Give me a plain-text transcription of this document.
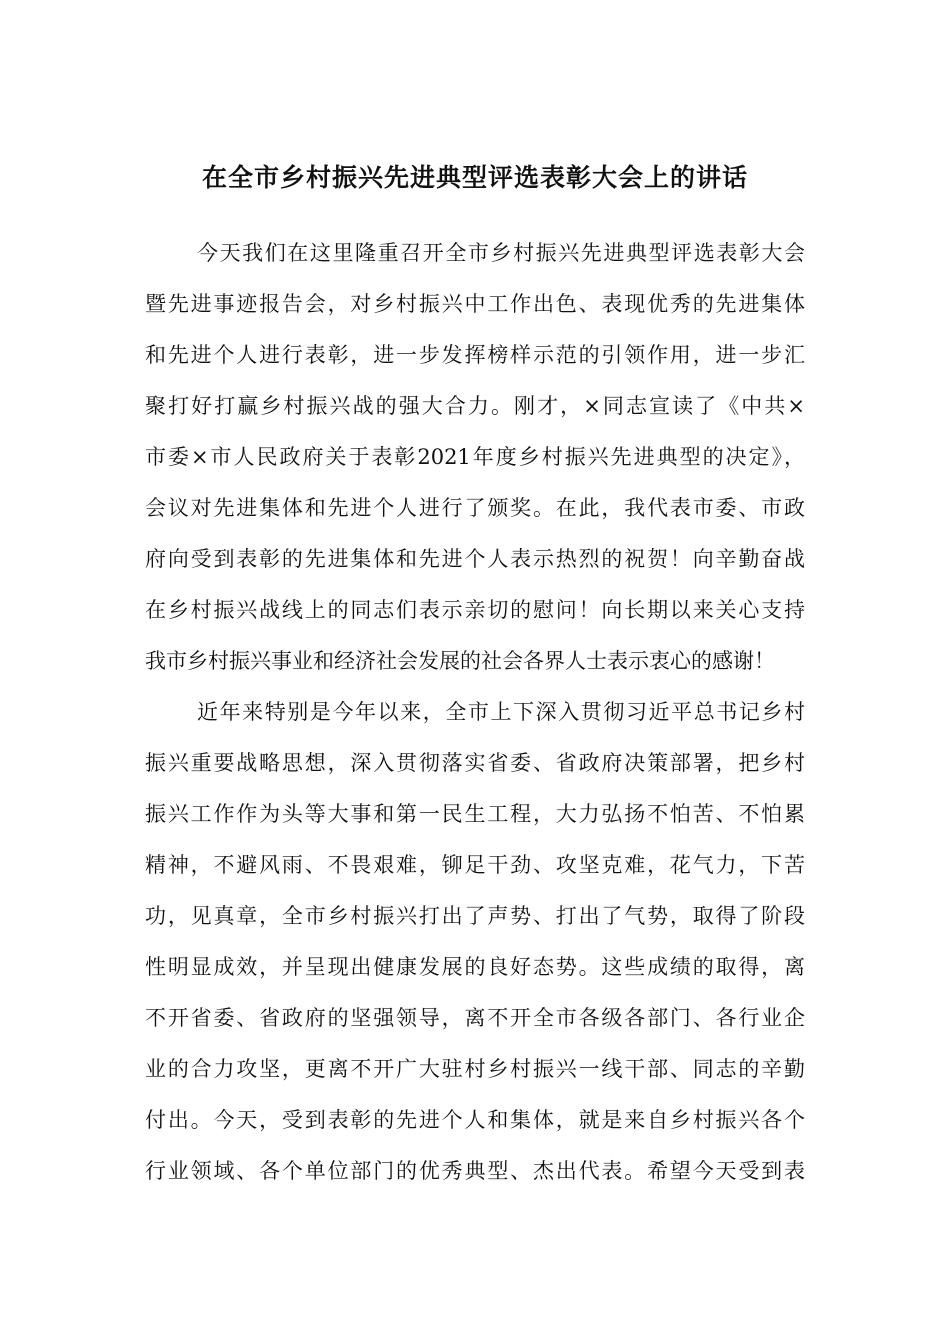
在全市乡村振兴先进典型评选表彰大会上的讲话
今天我们在这里隆重召开全市乡村振兴先进典型评选表彰大会
暨先进事迹报告会，对乡村振兴中工作出色、表现优秀的先进集体
和先进个人进行表彰，进一步发挥榜样示范的引领作用，进一步汇
聚打好打赢乡村振兴战的强大合力。刚才，×同志宣读了《中共×
市委×市人民政府关于表彰2021年度乡村振兴先进典型的决定》，
会议对先进集体和先进个人进行了颁奖。在此，我代表市委、市政
府向受到表彰的先进集体和先进个人表示热烈的祝贺！向辛勤奋战
在乡村振兴战线上的同志们表示亲切的慰问！向长期以来关心支持
我市乡村振兴事业和经济社会发展的社会各界人士表示衷心的感谢！
近年来特别是今年以来，全市上下深入贯彻习近平总书记乡村
振兴重要战略思想，深入贯彻落实省委、省政府决策部署，把乡村
振兴工作作为头等大事和第一民生工程，大力弘扬不怕苦、不怕累
精神，不避风雨、不畏艰难，铆足干劲、攻坚克难，花气力，下苦
功，见真章，全市乡村振兴打出了声势、打出了气势，取得了阶段
性明显成效，并呈现出健康发展的良好态势。这些成绩的取得，离
不开省委、省政府的坚强领导，离不开全市各级各部门、各行业企
业的合力攻坚，更离不开广大驻村乡村振兴一线干部、同志的辛勤
付出。今天，受到表彰的先进个人和集体，就是来自乡村振兴各个
行业领域、各个单位部门的优秀典型、杰出代表。希望今天受到表
